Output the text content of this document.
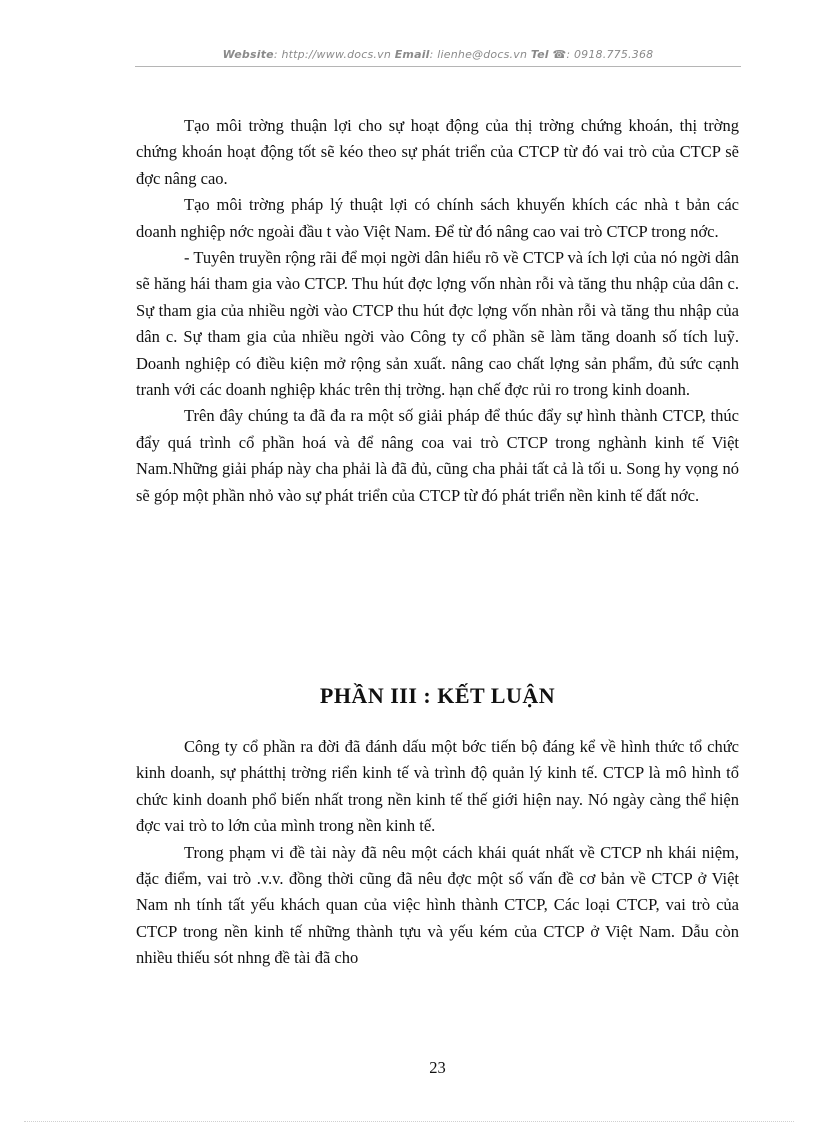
Website: http://www.docs.vn Email: lienhe@docs.vn Tel ☎: 0918.775.368

Tạo môi trờng thuận lợi cho sự hoạt động của thị trờng chứng khoán, thị trờng chứng khoán hoạt động tốt sẽ kéo theo sự phát triển của CTCP từ đó vai trò của CTCP sẽ đợc nâng cao.

Tạo môi trờng pháp lý thuật lợi có chính sách khuyến khích các nhà t bản các doanh nghiệp nớc ngoài đầu t vào Việt Nam. Để từ đó nâng cao vai trò CTCP trong nớc.

- Tuyên truyền rộng rãi để mọi ngời dân hiểu rõ về CTCP và ích lợi của nó ngời dân sẽ hăng hái tham gia vào CTCP. Thu hút đợc lợng vốn nhàn rỗi và tăng thu nhập của dân c. Sự tham gia của nhiều ngời vào CTCP thu hút đợc lợng vốn nhàn rỗi và tăng thu nhập của dân c. Sự tham gia của nhiều ngời vào Công ty cổ phần sẽ làm tăng doanh số tích luỹ. Doanh nghiệp có điều kiện mở rộng sản xuất. nâng cao chất lợng sản phẩm, đủ sức cạnh tranh với các doanh nghiệp khác trên thị trờng. hạn chế đợc rủi ro trong kinh doanh.

Trên đây chúng ta đã đa ra một số giải pháp để thúc đẩy sự hình thành CTCP, thúc đẩy quá trình cổ phần hoá và để nâng coa vai trò CTCP trong nghành kinh tế Việt Nam.Những giải pháp này cha phải là đã đủ, cũng cha phải tất cả là tối u. Song hy vọng nó sẽ góp một phần nhỏ vào sự phát triển của CTCP từ đó phát triển nền kinh tế đất nớc.

PHẦN III : KẾT LUẬN

Công ty cổ phần ra đời đã đánh dấu một bớc tiến bộ đáng kể về hình thức tổ chức kinh doanh, sự phátthị trờng riển kinh tế và trình độ quản lý kinh tế. CTCP là mô hình tổ chức kinh doanh phổ biến nhất trong nền kinh tế thế giới hiện nay. Nó ngày càng thể hiện đợc vai trò to lớn của mình trong nền kinh tế.

Trong phạm vi đề tài này đã nêu một cách khái quát nhất về CTCP nh khái niệm, đặc điểm, vai trò .v.v. đồng thời cũng đã nêu đợc một số vấn đề cơ bản về CTCP ở Việt Nam nh tính tất yếu khách quan của việc hình thành CTCP, Các loại CTCP, vai trò của CTCP trong nền kinh tế những thành tựu và yếu kém của CTCP ở Việt Nam. Dẫu còn nhiều thiếu sót nhng đề tài đã cho

23
